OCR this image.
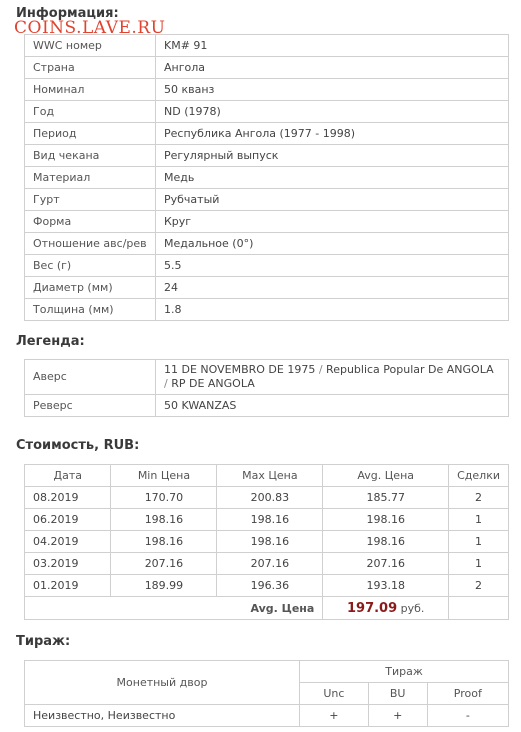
COINS.LAVE.RU
Информация:
WWC номер	KM# 91
Страна	Ангола
Номинал	50 кванз
Год	ND (1978)
Период	Республика Ангола (1977 - 1998)
Вид чекана	Регулярный выпуск
Материал	Медь
Гурт	Рубчатый
Форма	Круг
Отношение авс/рев	Медальное (0°)
Вес (г)	5.5
Диаметр (мм)	24
Толщина (мм)	1.8
Легенда:
Аверс	11 DE NOVEMBRO DE 1975 / Republica Popular De ANGOLA
/ RP DE ANGOLA
Реверс	50 KWANZAS
Стоимость, RUB:
Дата	Min Цена	Max Цена	Avg. Цена	Сделки
08.2019	170.70	200.83	185.77	2
06.2019	198.16	198.16	198.16	1
04.2019	198.16	198.16	198.16	1
03.2019	207.16	207.16	207.16	1
01.2019	189.99	196.36	193.18	2
Avg. Цена			197.09 руб.	
Тираж:
Монетный двор	Тираж		
	Unc	BU	Proof
Неизвестно, Неизвестно	+	+	-
